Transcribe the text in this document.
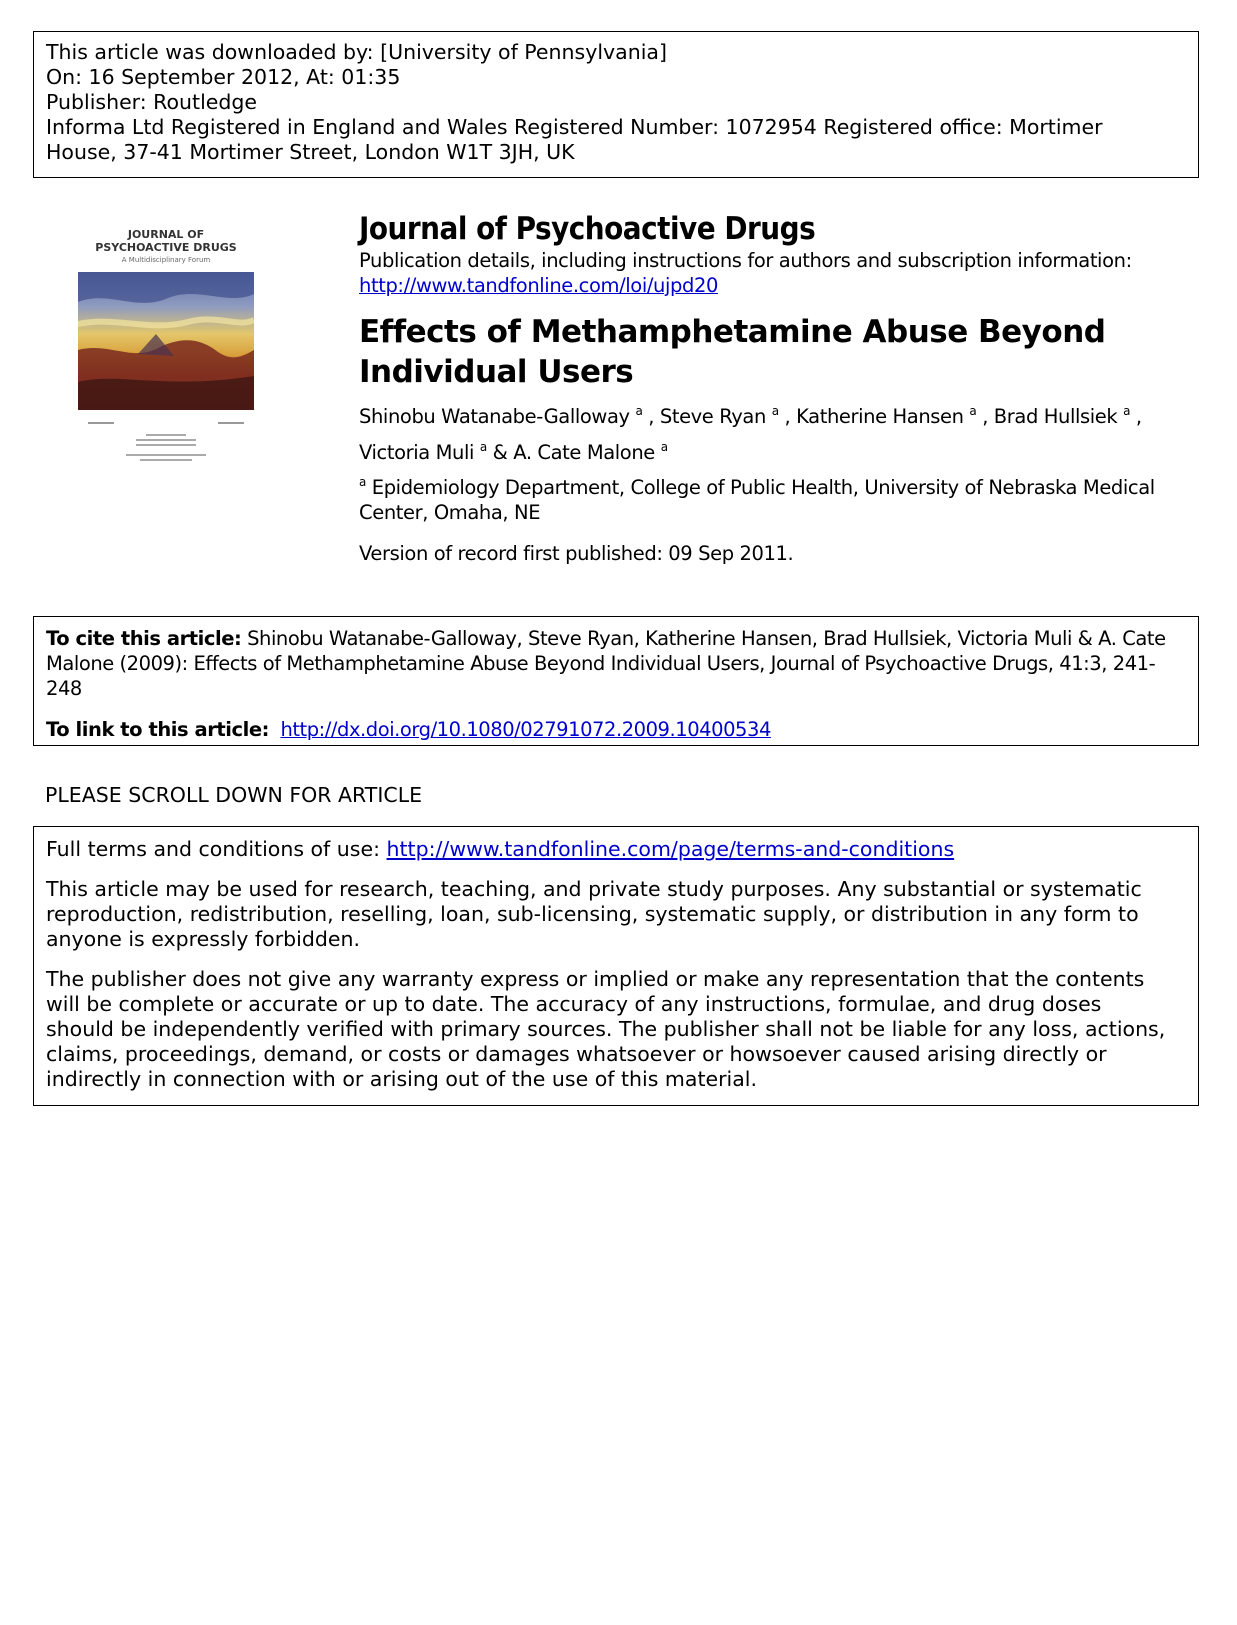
This article was downloaded by: [University of Pennsylvania]
On: 16 September 2012, At: 01:35
Publisher: Routledge
Informa Ltd Registered in England and Wales Registered Number: 1072954 Registered office: Mortimer
House, 37-41 Mortimer Street, London W1T 3JH, UK
JOURNAL OF
PSYCHOACTIVE DRUGS
A Multidisciplinary Forum
Journal of Psychoactive Drugs
Publication details, including instructions for authors and subscription information:
http://www.tandfonline.com/loi/ujpd20
Effects of Methamphetamine Abuse Beyond
Individual Users
Shinobu Watanabe-Galloway $^a$ , Steve Ryan $^a$ , Katherine Hansen $^a$ , Brad Hullsiek $^a$ ,
Victoria Muli $^a$ & A. Cate Malone $^a$
$^a$ Epidemiology Department, College of Public Health, University of Nebraska Medical
Center, Omaha, NE
Version of record first published: 09 Sep 2011.
To cite this article: Shinobu Watanabe-Galloway, Steve Ryan, Katherine Hansen, Brad Hullsiek, Victoria Muli & A. Cate
Malone (2009): Effects of Methamphetamine Abuse Beyond Individual Users, Journal of Psychoactive Drugs, 41:3, 241-248
To link to this article: http://dx.doi.org/10.1080/02791072.2009.10400534
PLEASE SCROLL DOWN FOR ARTICLE

Full terms and conditions of use: http://www.tandfonline.com/page/terms-and-conditions

This article may be used for research, teaching, and private study purposes. Any substantial or systematic
reproduction, redistribution, reselling, loan, sub-licensing, systematic supply, or distribution in any form to
anyone is expressly forbidden.

The publisher does not give any warranty express or implied or make any representation that the contents
will be complete or accurate or up to date. The accuracy of any instructions, formulae, and drug doses
should be independently verified with primary sources. The publisher shall not be liable for any loss, actions,
claims, proceedings, demand, or costs or damages whatsoever or howsoever caused arising directly or
indirectly in connection with or arising out of the use of this material.
